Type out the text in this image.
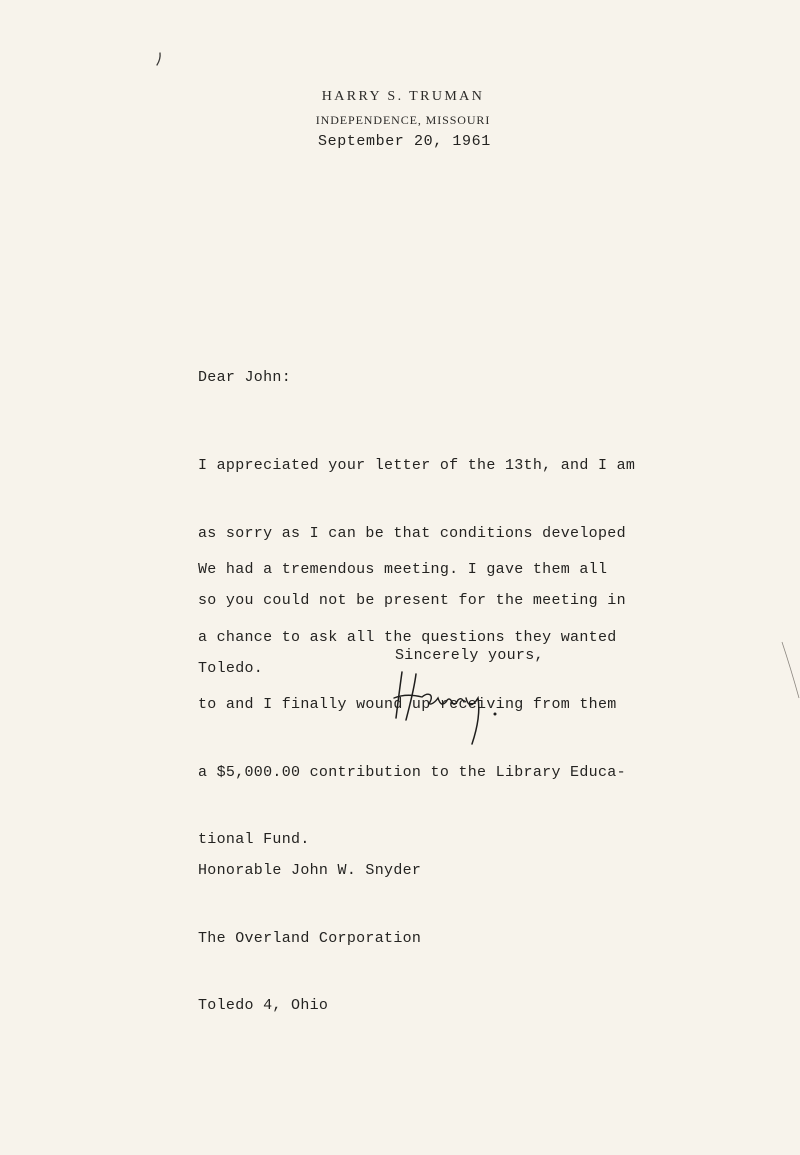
HARRY S. TRUMAN
INDEPENDENCE, MISSOURI
September 20, 1961
Dear John:

I appreciated your letter of the 13th, and I am

as sorry as I can be that conditions developed

so you could not be present for the meeting in

Toledo.

We had a tremendous meeting. I gave them all

a chance to ask all the questions they wanted

to and I finally wound up receiving from them

a $5,000.00 contribution to the Library Educa-

tional Fund.

Sincerely yours,

Honorable John W. Snyder

The Overland Corporation

Toledo 4, Ohio
